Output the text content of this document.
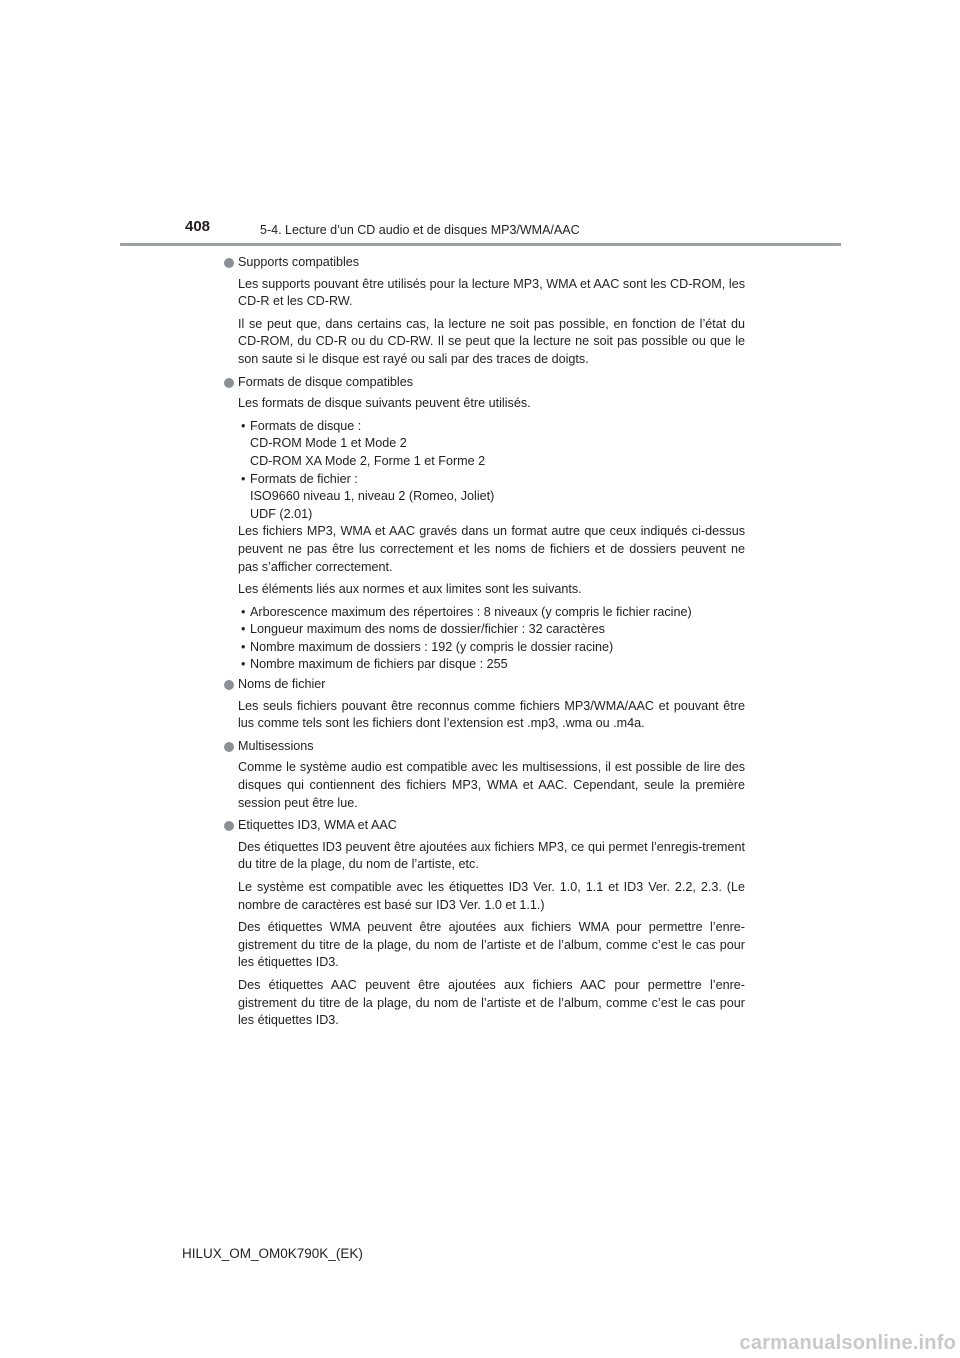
408	5-4. Lecture d’un CD audio et de disques MP3/WMA/AAC
Supports compatibles
Les supports pouvant être utilisés pour la lecture MP3, WMA et AAC sont les CD-ROM, les CD-R et les CD-RW.
Il se peut que, dans certains cas, la lecture ne soit pas possible, en fonction de l’état du CD-ROM, du CD-R ou du CD-RW. Il se peut que la lecture ne soit pas possible ou que le son saute si le disque est rayé ou sali par des traces de doigts.
Formats de disque compatibles
Les formats de disque suivants peuvent être utilisés.
• Formats de disque :
CD-ROM Mode 1 et Mode 2
CD-ROM XA Mode 2, Forme 1 et Forme 2
• Formats de fichier :
ISO9660 niveau 1, niveau 2 (Romeo, Joliet)
UDF (2.01)
Les fichiers MP3, WMA et AAC gravés dans un format autre que ceux indiqués ci-dessus peuvent ne pas être lus correctement et les noms de fichiers et de dossiers peuvent ne pas s’afficher correctement.
Les éléments liés aux normes et aux limites sont les suivants.
• Arborescence maximum des répertoires : 8 niveaux (y compris le fichier racine)
• Longueur maximum des noms de dossier/fichier : 32 caractères
• Nombre maximum de dossiers : 192 (y compris le dossier racine)
• Nombre maximum de fichiers par disque : 255
Noms de fichier
Les seuls fichiers pouvant être reconnus comme fichiers MP3/WMA/AAC et pouvant être lus comme tels sont les fichiers dont l’extension est .mp3, .wma ou .m4a.
Multisessions
Comme le système audio est compatible avec les multisessions, il est possible de lire des disques qui contiennent des fichiers MP3, WMA et AAC. Cependant, seule la première session peut être lue.
Etiquettes ID3, WMA et AAC
Des étiquettes ID3 peuvent être ajoutées aux fichiers MP3, ce qui permet l’enregis-trement du titre de la plage, du nom de l’artiste, etc.
Le système est compatible avec les étiquettes ID3 Ver. 1.0, 1.1 et ID3 Ver. 2.2, 2.3. (Le nombre de caractères est basé sur ID3 Ver. 1.0 et 1.1.)
Des étiquettes WMA peuvent être ajoutées aux fichiers WMA pour permettre l’enre-gistrement du titre de la plage, du nom de l’artiste et de l’album, comme c’est le cas pour les étiquettes ID3.
Des étiquettes AAC peuvent être ajoutées aux fichiers AAC pour permettre l’enre-gistrement du titre de la plage, du nom de l’artiste et de l’album, comme c’est le cas pour les étiquettes ID3.
HILUX_OM_OM0K790K_(EK)
carmanualsonline.info
